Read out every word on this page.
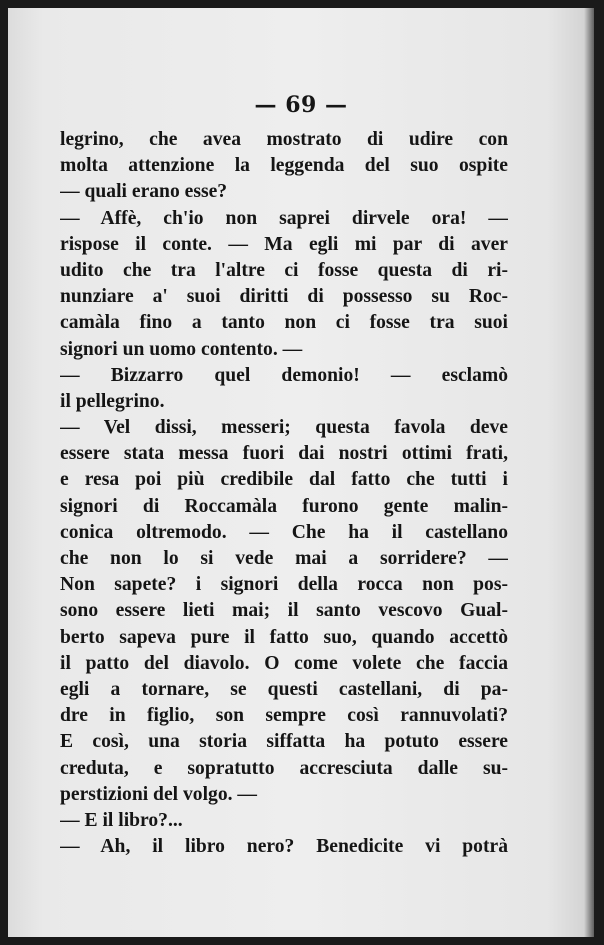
— 69 —
legrino, che avea mostrato di udire con
molta attenzione la leggenda del suo ospite
— quali erano esse?
— Affè, ch'io non saprei dirvele ora! —
rispose il conte. — Ma egli mi par di aver
udito che tra l'altre ci fosse questa di ri-
nunziare a' suoi diritti di possesso su Roc-
camàla fino a tanto non ci fosse tra suoi
signori un uomo contento. —
— Bizzarro quel demonio! — esclamò
il pellegrino.
— Vel dissi, messeri; questa favola deve
essere stata messa fuori dai nostri ottimi frati,
e resa poi più credibile dal fatto che tutti i
signori di Roccamàla furono gente malin-
conica oltremodo. — Che ha il castellano
che non lo si vede mai a sorridere? —
Non sapete? i signori della rocca non pos-
sono essere lieti mai; il santo vescovo Gual-
berto sapeva pure il fatto suo, quando accettò
il patto del diavolo. O come volete che faccia
egli a tornare, se questi castellani, di pa-
dre in figlio, son sempre così rannuvolati?
E così, una storia siffatta ha potuto essere
creduta, e sopratutto accresciuta dalle su-
perstizioni del volgo. —
— E il libro?...
— Ah, il libro nero? Benedicite vi potrà
